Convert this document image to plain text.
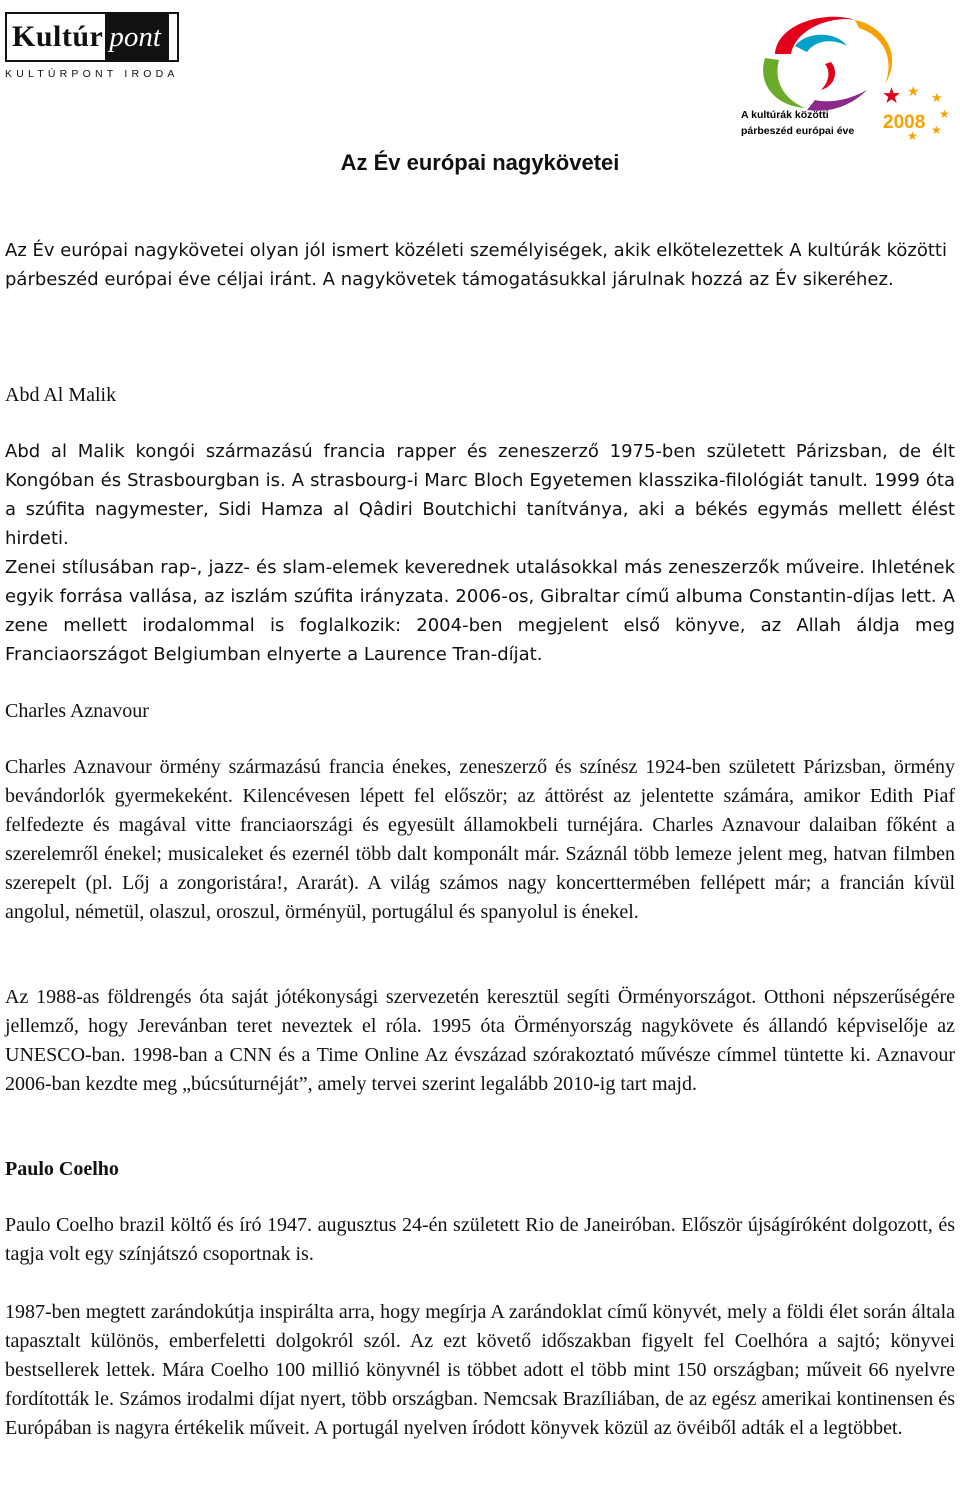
Kultúr pont
KULTÚRPONT IRODA
★ ★ ★
★
★
★
2008
A kultúrák közötti
párbeszéd európai éve
Az Év európai nagykövetei
Az Év európai nagykövetei olyan jól ismert közéleti személyiségek, akik elkötelezettek A kultúrák közötti párbeszéd európai éve céljai iránt. A nagykövetek támogatásukkal járulnak hozzá az Év sikeréhez.
Abd Al Malik
Abd al Malik kongói származású francia rapper és zeneszerző 1975-ben született Párizsban, de élt Kongóban és Strasbourgban is. A strasbourg-i Marc Bloch Egyetemen klasszika-filológiát tanult. 1999 óta a szúfita nagymester, Sidi Hamza al Qâdiri Boutchichi tanítványa, aki a békés egymás mellett élést hirdeti.
Zenei stílusában rap-, jazz- és slam-elemek keverednek utalásokkal más zeneszerzők műveire. Ihletének egyik forrása vallása, az iszlám szúfita irányzata. 2006-os, Gibraltar című albuma Constantin-díjas lett. A zene mellett irodalommal is foglalkozik: 2004-ben megjelent első könyve, az Allah áldja meg Franciaországot Belgiumban elnyerte a Laurence Tran-díjat.
Charles Aznavour
Charles Aznavour örmény származású francia énekes, zeneszerző és színész 1924-ben született Párizsban, örmény bevándorlók gyermekeként. Kilencévesen lépett fel először; az áttörést az jelentette számára, amikor Edith Piaf felfedezte és magával vitte franciaországi és egyesült államokbeli turnéjára. Charles Aznavour dalaiban főként a szerelemről énekel; musicaleket és ezernél több dalt komponált már. Száznál több lemeze jelent meg, hatvan filmben szerepelt (pl. Lőj a zongoristára!, Ararát). A világ számos nagy koncerttermében fellépett már; a francián kívül angolul, németül, olaszul, oroszul, örményül, portugálul és spanyolul is énekel.
Az 1988-as földrengés óta saját jótékonysági szervezetén keresztül segíti Örményországot. Otthoni népszerűségére jellemző, hogy Jerevánban teret neveztek el róla. 1995 óta Örményország nagykövete és állandó képviselője az UNESCO-ban. 1998-ban a CNN és a Time Online Az évszázad szórakoztató művésze címmel tüntette ki. Aznavour 2006-ban kezdte meg „búcsúturnéját”, amely tervei szerint legalább 2010-ig tart majd.
Paulo Coelho
Paulo Coelho brazil költő és író 1947. augusztus 24-én született Rio de Janeiróban. Először újságíróként dolgozott, és tagja volt egy színjátszó csoportnak is.
1987-ben megtett zarándokútja inspirálta arra, hogy megírja A zarándoklat című könyvét, mely a földi élet során általa tapasztalt különös, emberfeletti dolgokról szól. Az ezt követő időszakban figyelt fel Coelhóra a sajtó; könyvei bestsellerek lettek. Mára Coelho 100 millió könyvnél is többet adott el több mint 150 országban; műveit 66 nyelvre fordították le. Számos irodalmi díjat nyert, több országban. Nemcsak Brazíliában, de az egész amerikai kontinensen és Európában is nagyra értékelik műveit. A portugál nyelven íródott könyvek közül az övéiből adták el a legtöbbet.
